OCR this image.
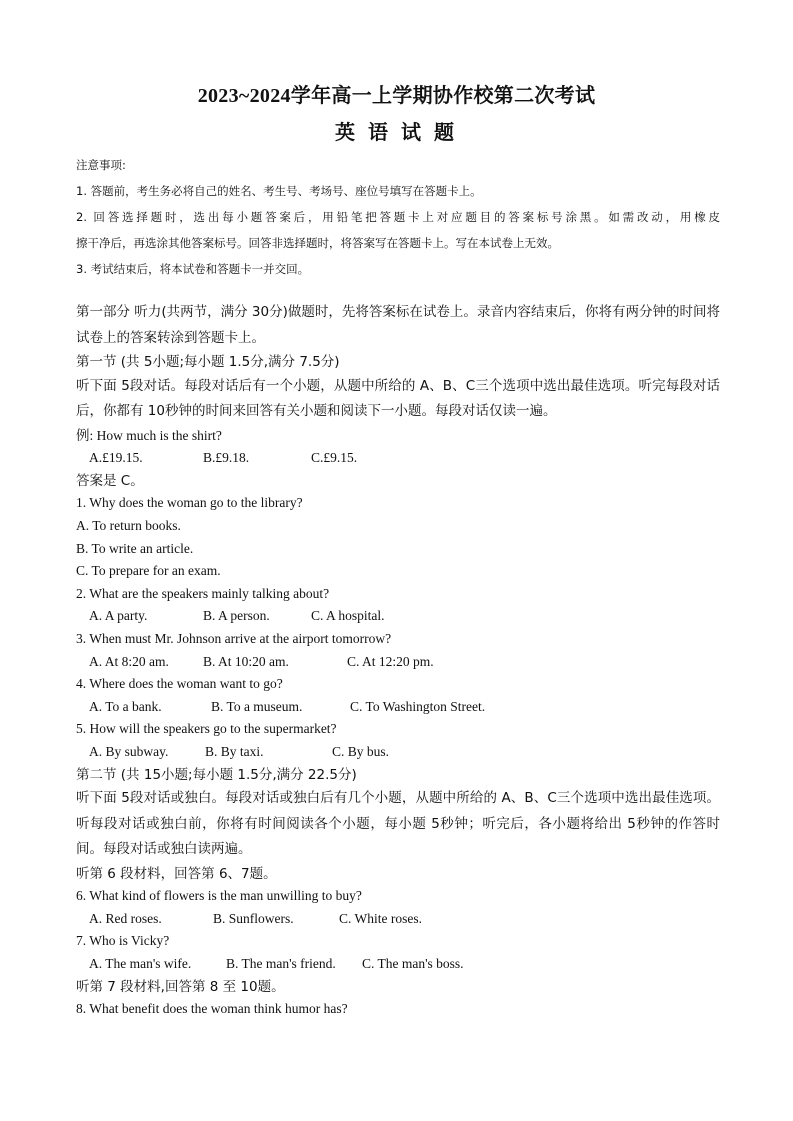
2023~2024学年高一上学期协作校第二次考试
英 语 试 题
注意事项:
1. 答题前，考生务必将自己的姓名、考生号、考场号、座位号填写在答题卡上。
2. 回答选择题时，选出每小题答案后，用铅笔把答题卡上对应题目的答案标号涂黑。如需改动，用橡皮
擦干净后，再选涂其他答案标号。回答非选择题时，将答案写在答题卡上。写在本试卷上无效。
3. 考试结束后，将本试卷和答题卡一并交回。
第一部分 听力(共两节，满分 30分)做题时，先将答案标在试卷上。录音内容结束后，你将有两分钟的时间将试卷上的答案转涂到答题卡上。
第一节 (共 5小题;每小题 1.5分,满分 7.5分)
听下面 5段对话。每段对话后有一个小题，从题中所给的 A、B、C三个选项中选出最佳选项。听完每段对话后，你都有 10秒钟的时间来回答有关小题和阅读下一小题。每段对话仅读一遍。
例: How much is the shirt?
A.£19.15.	B.£9.18.	C.£9.15.
答案是 C。
1. Why does the woman go to the library?
A. To return books.
B. To write an article.
C. To prepare for an exam.
2. What are the speakers mainly talking about?
A. A party.	B. A person.	C. A hospital.
3. When must Mr. Johnson arrive at the airport tomorrow?
A. At 8:20 am.	B. At 10:20 am.	C. At 12:20 pm.
4. Where does the woman want to go?
A. To a bank.	B. To a museum.	C. To Washington Street.
5. How will the speakers go to the supermarket?
A. By subway.	B. By taxi.	C. By bus.
第二节 (共 15小题;每小题 1.5分,满分 22.5分)
听下面 5段对话或独白。每段对话或独白后有几个小题，从题中所给的 A、B、C三个选项中选出最佳选项。听每段对话或独白前，你将有时间阅读各个小题，每小题 5秒钟；听完后，各小题将给出 5秒钟的作答时间。每段对话或独白读两遍。
听第 6 段材料，回答第 6、7题。
6. What kind of flowers is the man unwilling to buy?
A. Red roses.	B. Sunflowers.	C. White roses.
7. Who is Vicky?
A. The man's wife.	B. The man's friend. C. The man's boss.
听第 7 段材料,回答第 8 至 10题。
8. What benefit does the woman think humor has?
